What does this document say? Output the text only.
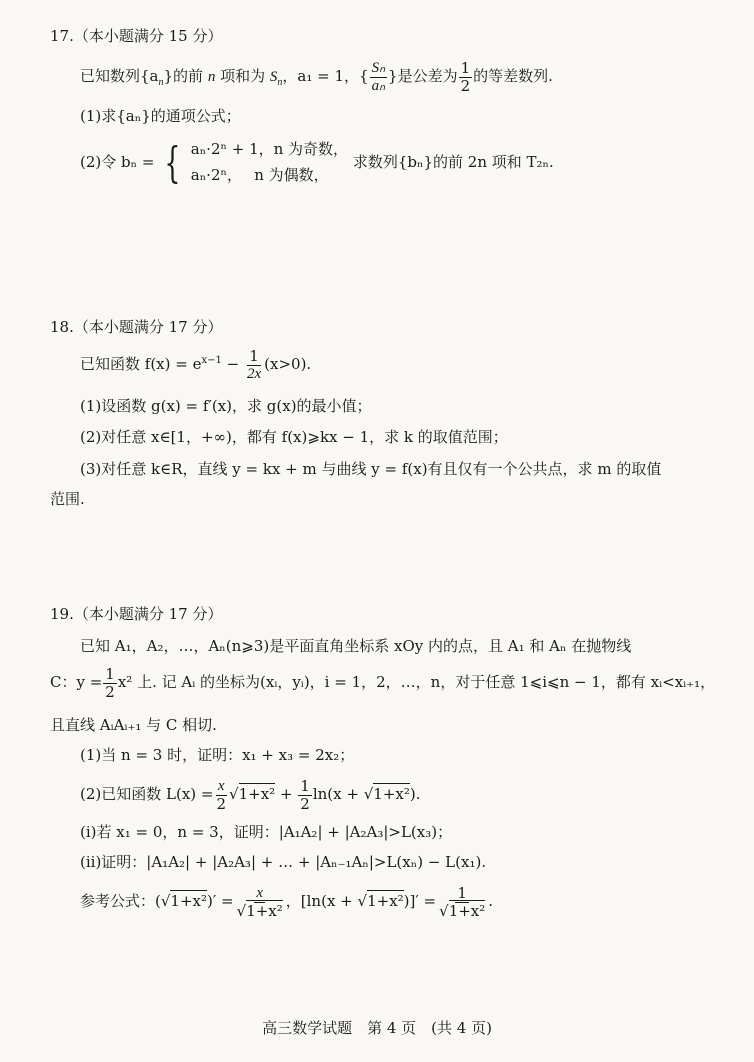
17.（本小题满分 15 分）
已知数列$\{a_n\}$的前 n 项和为 $S_n$，a₁ = 1，{ $\frac{\text{Sₙ}}{\text{aₙ}}$ }是公差为 $\frac{1}{2}$ 的等差数列.
(1)求{aₙ}的通项公式；
(2)令 bₙ = { aₙ·2ⁿ + 1，n 为奇数，
aₙ·2ⁿ，　 n 为偶数，
求数列{bₙ}的前 2n 项和 T₂ₙ.
18.（本小题满分 17 分）
已知函数 $f(x) = e^{x-1} - \frac{1}{2x} (x>0)$.
(1)设函数 g(x) = f′(x)，求 g(x)的最小值；
(2)对任意 x∈[1，+∞)，都有 f(x)⩾kx − 1，求 k 的取值范围；
(3)对任意 k∈R，直线 y = kx + m 与曲线 y = f(x)有且仅有一个公共点，求 m 的取值
范围.
19.（本小题满分 17 分）
已知 A₁，A₂，…，Aₙ(n⩾3)是平面直角坐标系 xOy 内的点，且 A₁ 和 Aₙ 在抛物线
C：$y = \frac{1}{2} x^2$ 上. 记 Aᵢ 的坐标为(xᵢ，yᵢ)，i = 1，2，…，n，对于任意 1⩽i⩽n − 1，都有 xᵢ<xᵢ₊₁，
且直线 AᵢAᵢ₊₁ 与 C 相切.
(1)当 n = 3 时，证明：x₁ + x₃ = 2x₂；
(2)已知函数 $L(x) = \frac{x}{2} √1+x^2 + \frac{1}{2} \ln(x + √1+x^2)$.
(i)若 x₁ = 0，n = 3，证明：|A₁A₂| + |A₂A₃|>L(x₃)；
(ii)证明：|A₁A₂| + |A₂A₃| + … + |Aₙ₋₁Aₙ|>L(xₙ) − L(x₁).
参考公式：$(√1+x^2)' = \frac{x}{\text{√1+x²}}$ ，$[\ln(x + √1+x^2)]' = \frac{1}{\text{√1+x²}}$ .
高三数学试题　第 4 页　(共 4 页)
